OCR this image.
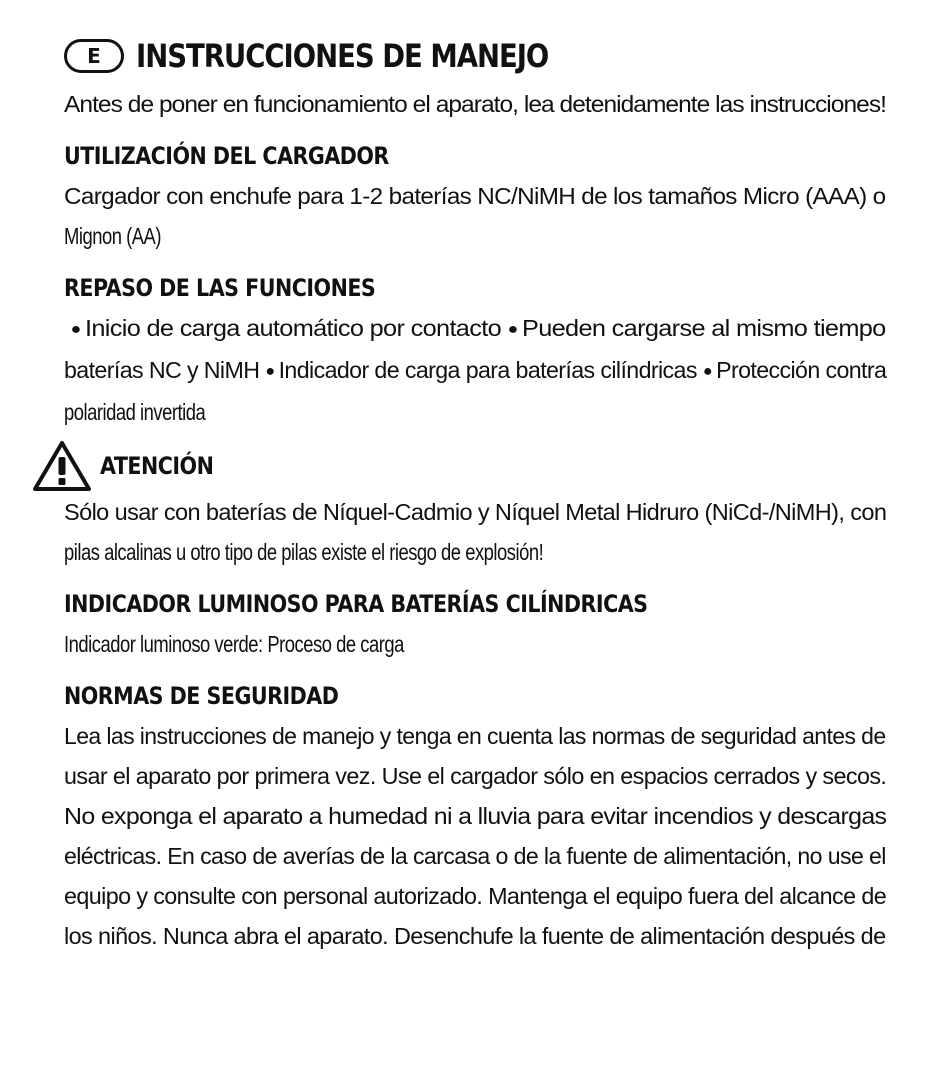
E	INSTRUCCIONES DE MANEJO

Antes de poner en funcionamiento el aparato, lea detenidamente las instrucciones!

UTILIZACIÓN DEL CARGADOR

Cargador con enchufe para 1-2 baterías NC/NiMH de los tamaños Micro (AAA) o
Mignon (AA)

REPASO DE LAS FUNCIONES

● Inicio de carga automático por contacto ● Pueden cargarse al mismo tiempo
baterías NC y NiMH ● Indicador de carga para baterías cilíndricas ● Protección contra
polaridad invertida

ATENCIÓN

Sólo usar con baterías de Níquel-Cadmio y Níquel Metal Hidruro (NiCd-/NiMH), con
pilas alcalinas u otro tipo de pilas existe el riesgo de explosión!

INDICADOR LUMINOSO PARA BATERÍAS CILÍNDRICAS

Indicador luminoso verde: Proceso de carga

NORMAS DE SEGURIDAD

Lea las instrucciones de manejo y tenga en cuenta las normas de seguridad antes de
usar el aparato por primera vez. Use el cargador sólo en espacios cerrados y secos.
No exponga el aparato a humedad ni a lluvia para evitar incendios y descargas
eléctricas. En caso de averías de la carcasa o de la fuente de alimentación, no use el
equipo y consulte con personal autorizado. Mantenga el equipo fuera del alcance de
los niños. Nunca abra el aparato. Desenchufe la fuente de alimentación después de
